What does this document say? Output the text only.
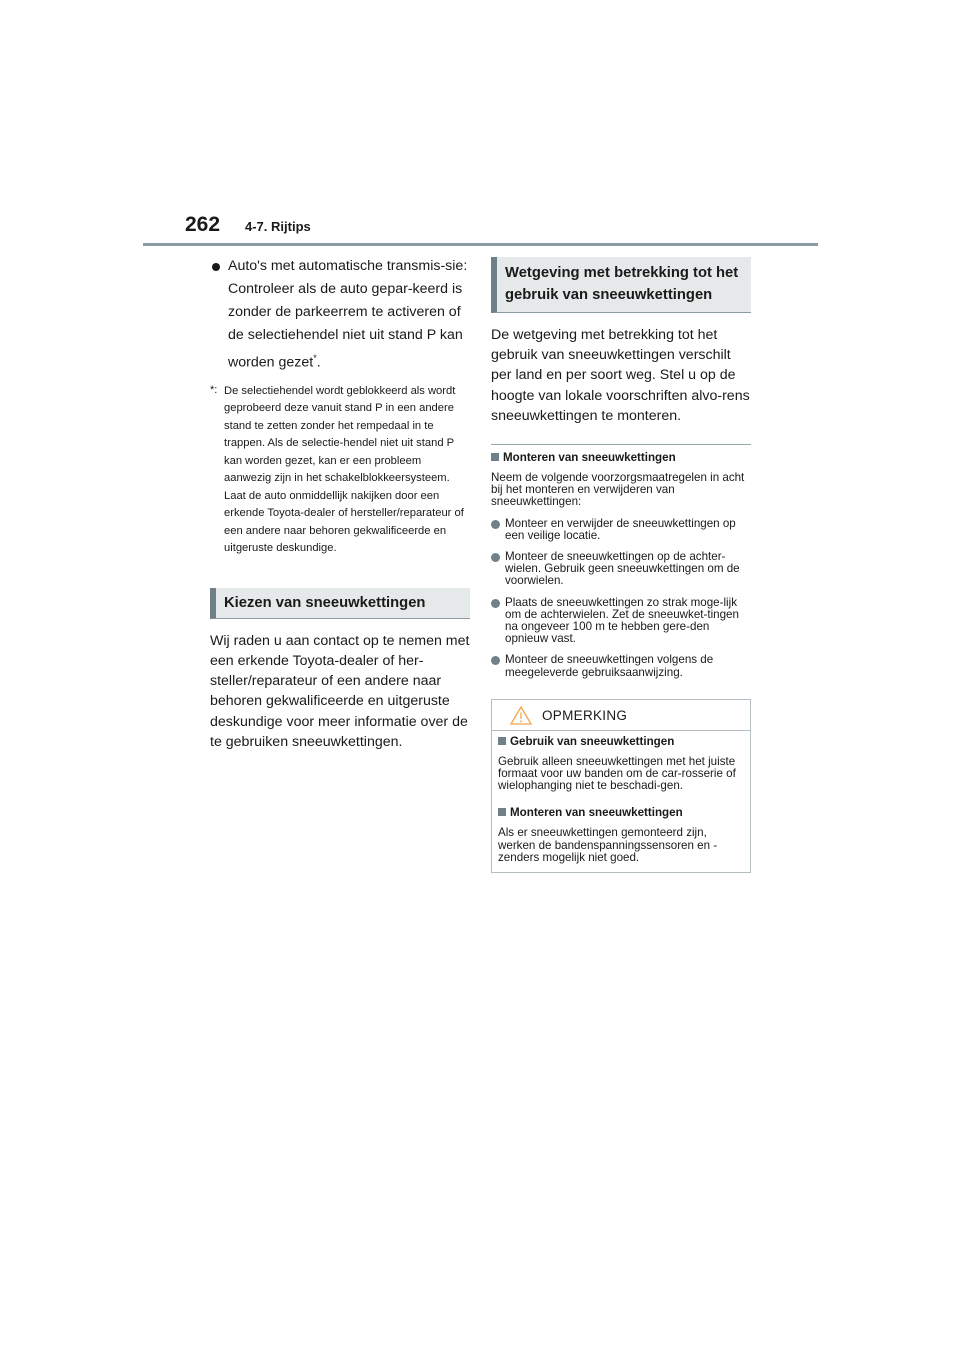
262 4-7. Rijtips
Auto's met automatische transmis-sie: Controleer als de auto gepar-keerd is zonder de parkeerrem te activeren of de selectiehendel niet uit stand P kan worden gezet*.
*: De selectiehendel wordt geblokkeerd als wordt geprobeerd deze vanuit stand P in een andere stand te zetten zonder het rempedaal in te trappen. Als de selectie-hendel niet uit stand P kan worden gezet, kan er een probleem aanwezig zijn in het schakelblokkeersysteem. Laat de auto onmiddellijk nakijken door een erkende Toyota-dealer of hersteller/reparateur of een andere naar behoren gekwalificeerde en uitgeruste deskundige.
Kiezen van sneeuwkettingen
Wij raden u aan contact op te nemen met een erkende Toyota-dealer of her-steller/reparateur of een andere naar behoren gekwalificeerde en uitgeruste deskundige voor meer informatie over de te gebruiken sneeuwkettingen.
Wetgeving met betrekking tot het gebruik van sneeuwkettingen
De wetgeving met betrekking tot het gebruik van sneeuwkettingen verschilt per land en per soort weg. Stel u op de hoogte van lokale voorschriften alvo-rens sneeuwkettingen te monteren.
Monteren van sneeuwkettingen
Neem de volgende voorzorgsmaatregelen in acht bij het monteren en verwijderen van sneeuwkettingen:
Monteer en verwijder de sneeuwkettingen op een veilige locatie.
Monteer de sneeuwkettingen op de achter-wielen. Gebruik geen sneeuwkettingen om de voorwielen.
Plaats de sneeuwkettingen zo strak moge-lijk om de achterwielen. Zet de sneeuwket-tingen na ongeveer 100 m te hebben gere-den opnieuw vast.
Monteer de sneeuwkettingen volgens de meegeleverde gebruiksaanwijzing.
OPMERKING
Gebruik van sneeuwkettingen
Gebruik alleen sneeuwkettingen met het juiste formaat voor uw banden om de car-rosserie of wielophanging niet te beschadi-gen.
Monteren van sneeuwkettingen
Als er sneeuwkettingen gemonteerd zijn, werken de bandenspanningssensoren en -zenders mogelijk niet goed.
